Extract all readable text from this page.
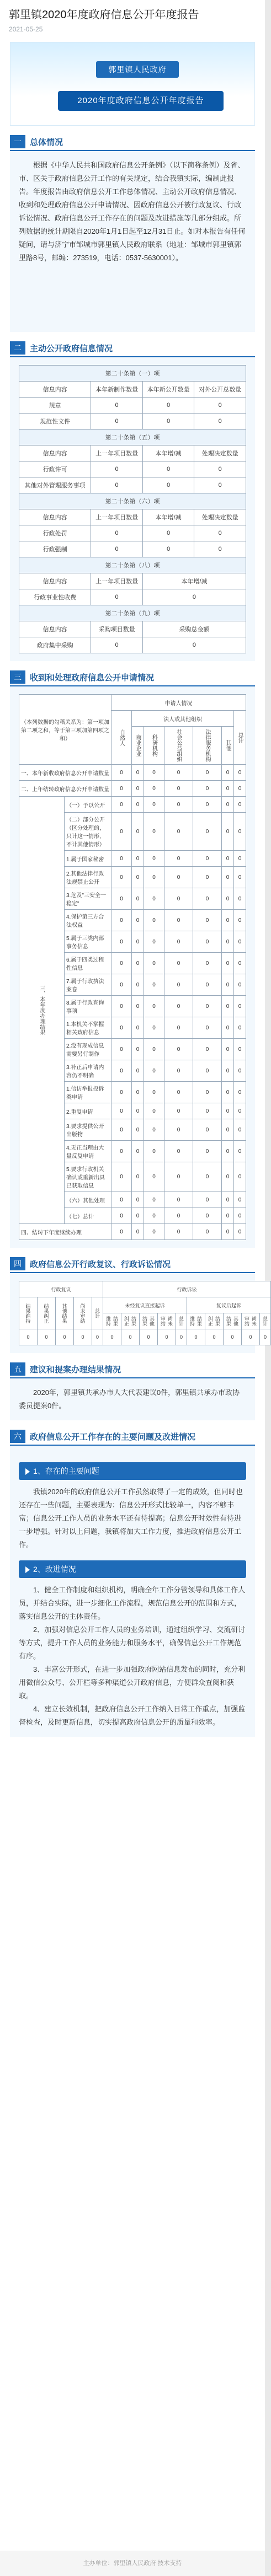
郭里镇2020年度政府信息公开年度报告
2021-05-25
郭里镇人民政府
2020年度政府信息公开年度报告
一	总体情况

根据《中华人民共和国政府信息公开条例》（以下简称条例）及省、市、区关于政府信息公开工作的有关规定，结合我镇实际，编制此报告。年度报告由政府信息公开工作总体情况、主动公开政府信息情况、收到和处理政府信息公开申请情况、因政府信息公开被行政复议、行政诉讼情况、政府信息公开工作存在的问题及改进措施等几部分组成。所列数据的统计期限自2020年1月1日起至12月31日止。如对本报告有任何疑问，请与济宁市邹城市郭里镇人民政府联系（地址：邹城市郭里镇郭里路8号，邮编：273519，电话：0537-5630001）。

二	主动公开政府信息情况
第二十条第（一）项			
信息内容	本年新制作数量	本年新公开数量	对外公开总数量
规章	0	0	0
规范性文件	0	0	0
第二十条第（五）项			
信息内容	上一年项目数量	本年增/减	处理决定数量
行政许可	0	0	0
其他对外管理服务事项	0	0	0
第二十条第（六）项			
信息内容	上一年项目数量	本年增/减	处理决定数量
行政处罚	0	0	0
行政强制	0	0	0
第二十条第（八）项			
信息内容	上一年项目数量	本年增/减	
行政事业性收费	0	0	
第二十条第（九）项			
信息内容	采购项目数量	采购总金额	
政府集中采购	0	0	
三	收到和处理政府信息公开申请情况
（本列数据的勾稽关系为：第一项加第二项之和，等于第三项加第四项之和）		申请人情况						
		自然人	法人或其他组织					总计
			商业企业	科研机构	社会公益组织	法律服务机构	其他	
一、本年新收政府信息公开申请数量		0	0	0	0	0	0	0
二、上年结转政府信息公开申请数量		0	0	0	0	0	0	0
三、本年度办理结果	（一）予以公开	0	0	0	0	0	0	0
	（二）部分公开（区分处理的，只计这一情形，不计其他情形）	0	0	0	0	0	0	0
	1.属于国家秘密	0	0	0	0	0	0	0
	2.其他法律行政法规禁止公开	0	0	0	0	0	0	0
	3.危及"三安全一稳定"	0	0	0	0	0	0	0
	4.保护第三方合法权益	0	0	0	0	0	0	0
	5.属于三类内部事务信息	0	0	0	0	0	0	0
	6.属于四类过程性信息	0	0	0	0	0	0	0
	7.属于行政执法案卷	0	0	0	0	0	0	0
	8.属于行政查询事项	0	0	0	0	0	0	0
	1.本机关不掌握相关政府信息	0	0	0	0	0	0	0
	2.没有现成信息需要另行制作	0	0	0	0	0	0	0
	3.补正后申请内容仍不明确	0	0	0	0	0	0	0
	1.信访举报投诉类申请	0	0	0	0	0	0	0
	2.重复申请	0	0	0	0	0	0	0
	3.要求提供公开出版物	0	0	0	0	0	0	0
	4.无正当理由大量反复申请	0	0	0	0	0	0	0
	5.要求行政机关确认或重新出具已获取信息	0	0	0	0	0	0	0
	（六）其他处理	0	0	0	0	0	0	0
	（七）总计	0	0	0	0	0	0	0
四、结转下年度继续办理		0	0	0	0	0	0	0
四	政府信息公开行政复议、行政诉讼情况
行政复议					行政诉讼									
结果维持	结果纠正	其他结果	尚未审结	总计	未经复议直接起诉					复议后起诉				
					结果维持	结果纠正	其他结果	尚未审结	总计	结果维持	结果纠正	其他结果	尚未审结	总计
0	0	0	0	0	0	0	0	0	0	0	0	0	0	0
五	建议和提案办理结果情况

2020年，郭里镇共承办市人大代表建议0件，郭里镇共承办市政协委员提案0件。

六	政府信息公开工作存在的主要问题及改进情况
1、存在的主要问题

我镇2020年的政府信息公开工作虽然取得了一定的成效，但同时也还存在一些问题，主要表现为：信息公开形式比较单一，内容不够丰富；信息公开工作人员的业务水平还有待提高；信息公开时效性有待进一步增强。针对以上问题，我镇将加大工作力度，推进政府信息公开工作。

2、改进情况

1、健全工作制度和组织机构，明确全年工作分管领导和具体工作人员，并结合实际，进一步细化工作流程，规范信息公开的范围和方式，落实信息公开的主体责任。

2、加强对信息公开工作人员的业务培训，通过组织学习、交流研讨等方式，提升工作人员的业务能力和服务水平，确保信息公开工作规范有序。

3、丰富公开形式，在进一步加强政府网站信息发布的同时，充分利用微信公众号、公开栏等多种渠道公开政府信息，方便群众查阅和获取。

4、建立长效机制，把政府信息公开工作纳入日常工作重点，加强监督检查，及时更新信息，切实提高政府信息公开的质量和效率。

主办单位：郭里镇人民政府 技术支持
